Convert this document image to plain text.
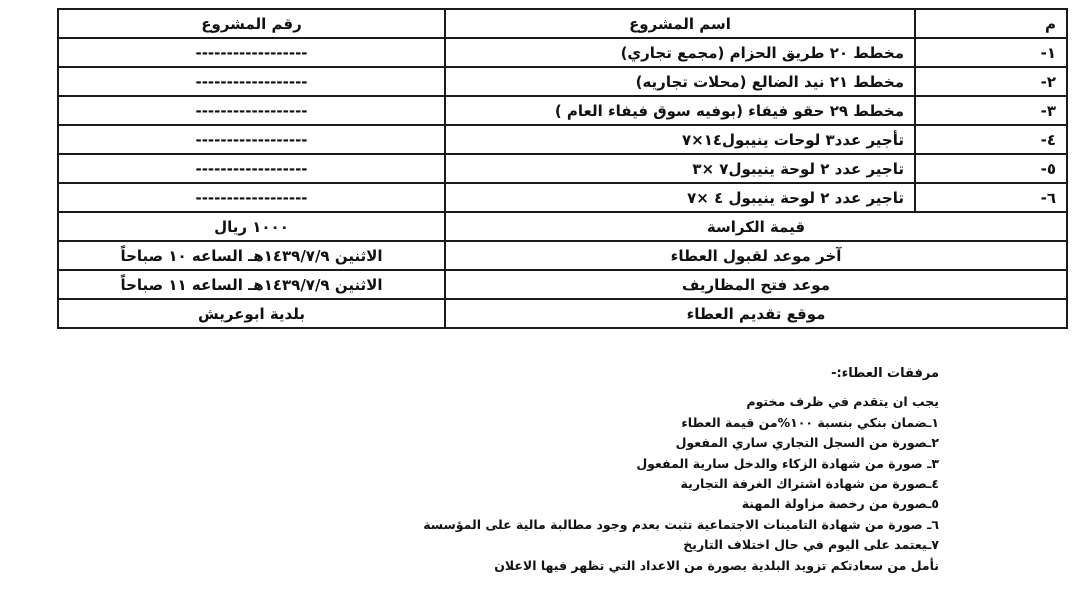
م	اسم المشروع	رقم المشروع
١-	مخطط ٢٠ طريق الحزام (مجمع تجاري)	------------------
٢-	مخطط ٢١ نيد الضالع (محلات تجاريه)	------------------
٣-	مخطط ٢٩ حقو فيفاء (بوفيه سوق فيفاء العام )	------------------
٤-	تأجير عدد٣ لوحات ينيبول١٤×٧	------------------
٥-	تاجير عدد ٢ لوحة ينيبول٧ ×٣	------------------
٦-	تاجير عدد ٢ لوحة ينيبول ٤ ×٧	------------------
قيمة الكراسة		١٠٠٠ ريال
آخر موعد لقبول العطاء		الاثنين ١٤٣٩/٧/٩هـ الساعه ١٠ صباحاً
موعد فتح المظاريف		الاثنين ١٤٣٩/٧/٩هـ الساعه ١١ صباحاً
موقع تقديم العطاء		بلدية ابوعريش
مرفقات العطاء:-
يجب ان يتقدم في ظرف مختوم
١ـضمان بنكي بنسبة ١٠٠%من قيمة العطاء
٢ـصورة من السجل التجاري ساري المفعول
٣ـ صورة من شهادة الزكاء والدخل سارية المفعول
٤ـصورة من شهادة اشتراك الغرفة التجارية
٥ـصورة من رخصة مزاولة المهنة
٦ـ صورة من شهادة التامينات الاجتماعية تثبت بعدم وجود مطالبة مالية على المؤسسة
٧ـيعتمد على اليوم في حال اختلاف التاريخ
نأمل من سعادتكم تزويد البلدية بصورة من الاعداد التي تظهر فيها الاعلان
